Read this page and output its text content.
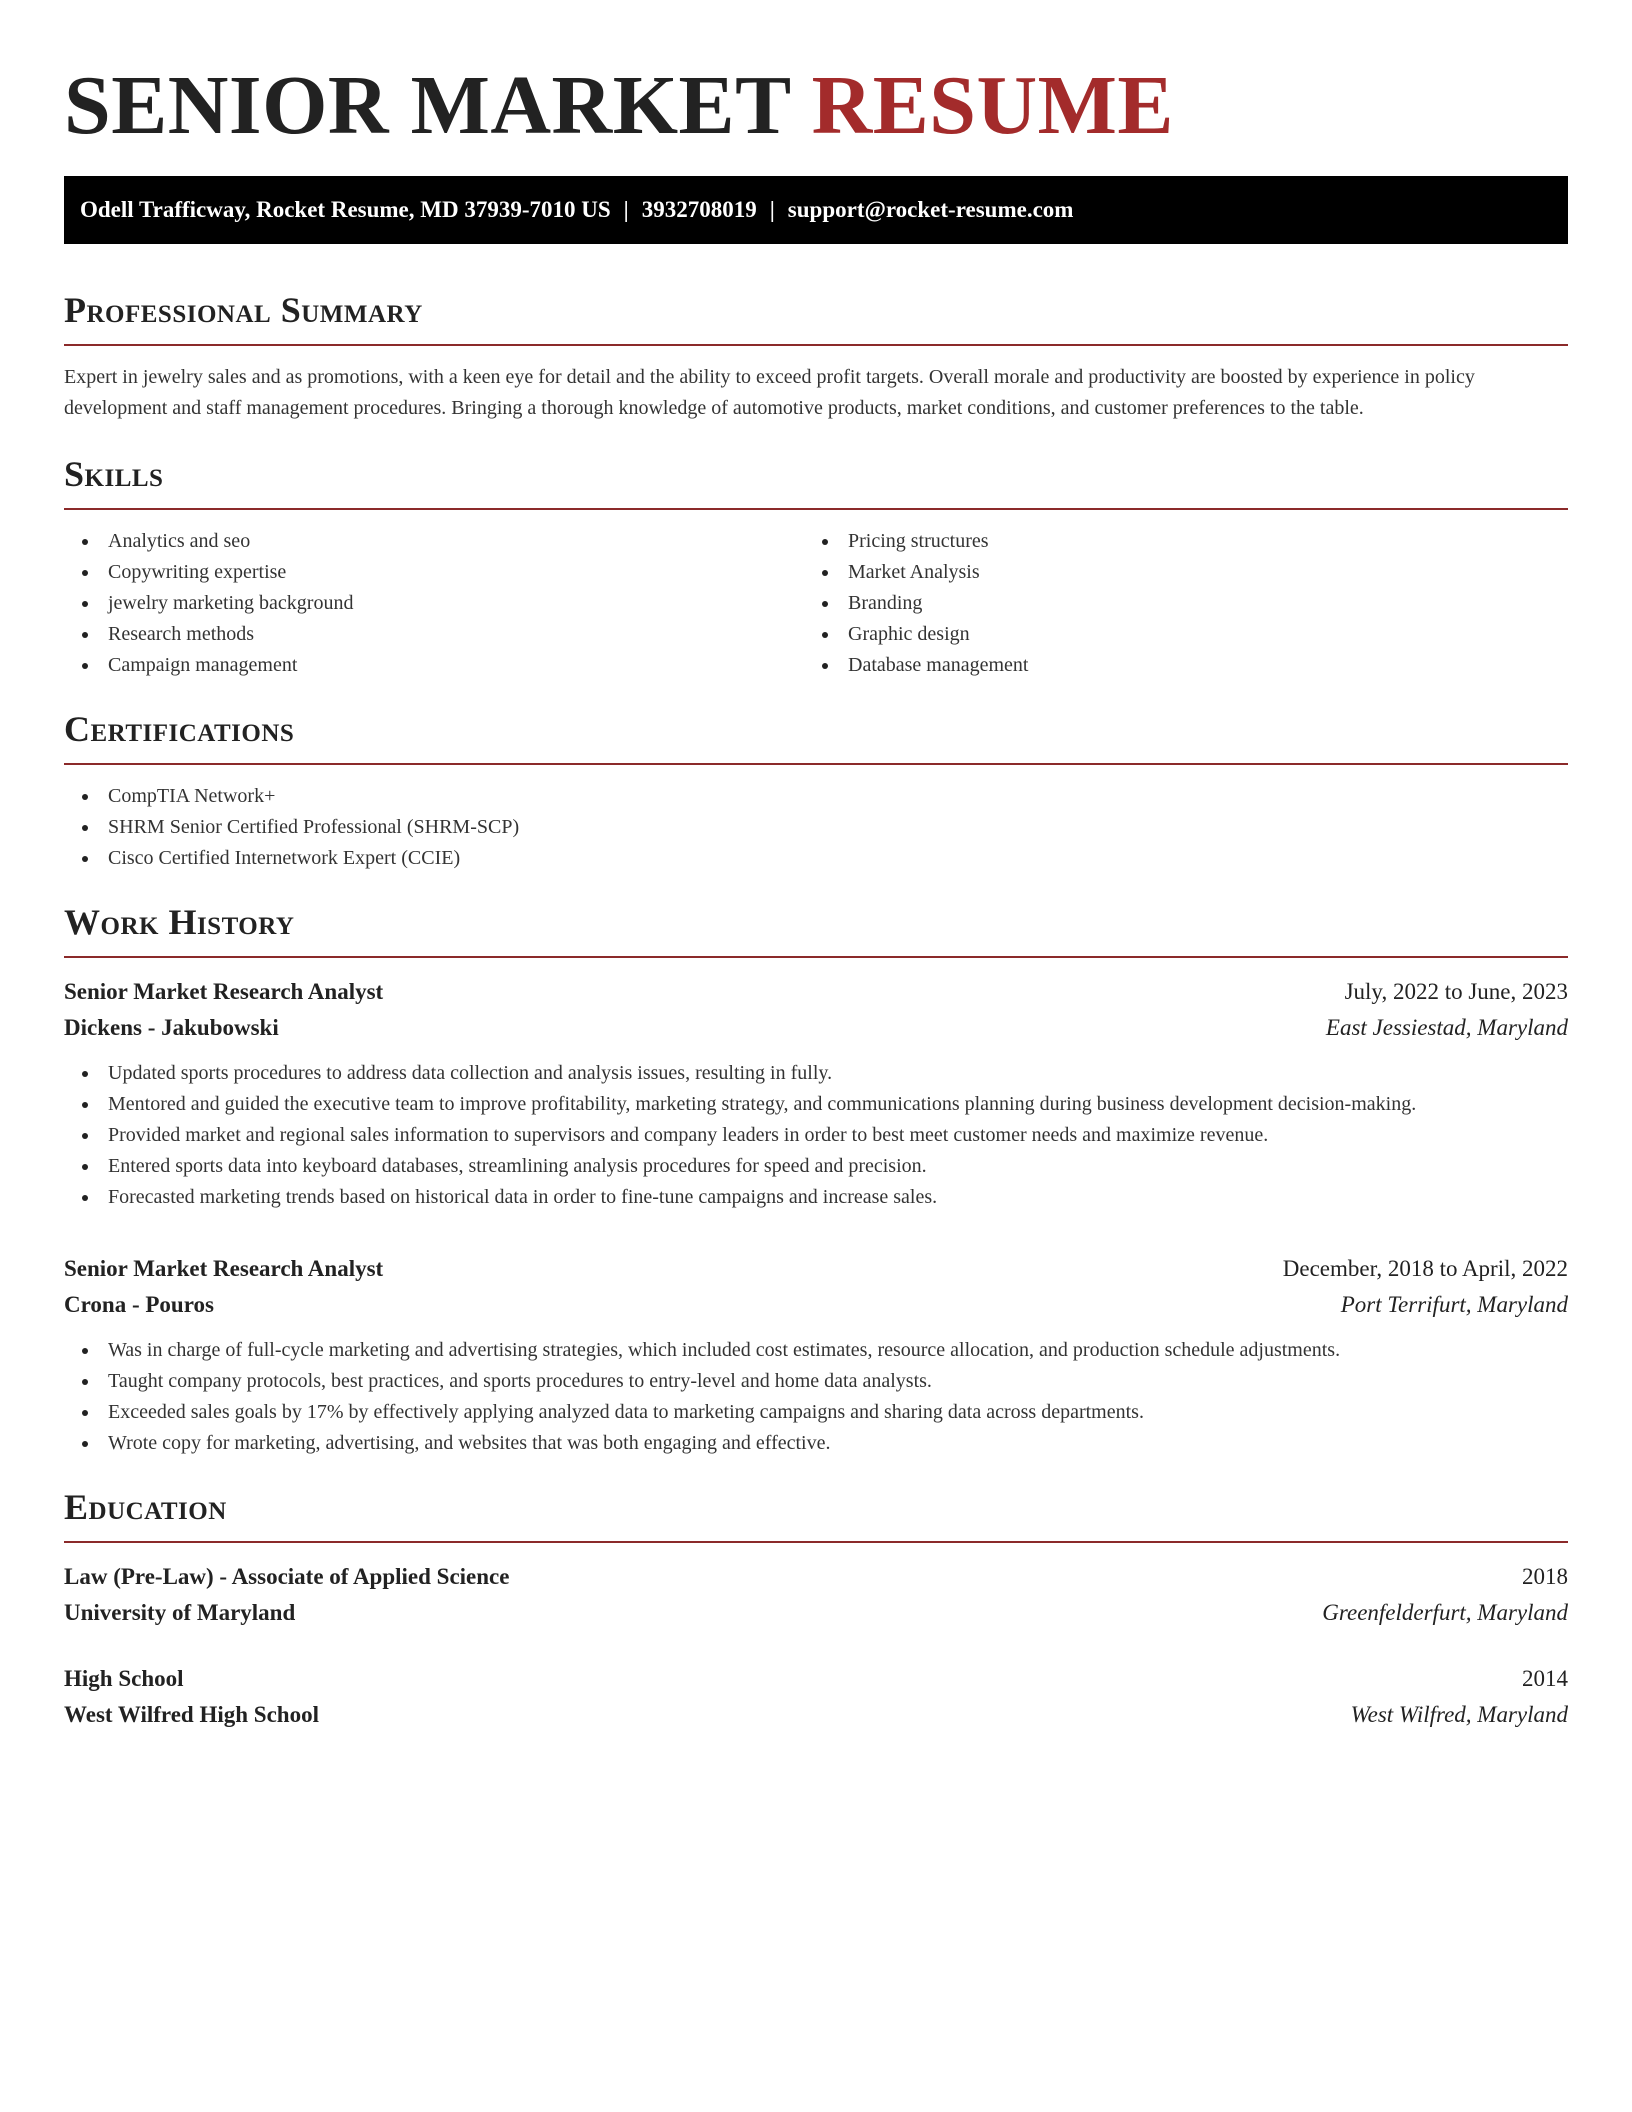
SENIOR MARKET RESUME
Odell Trafficway, Rocket Resume, MD 37939-7010 US | 3932708019 | support@rocket-resume.com
Professional Summary
Expert in jewelry sales and as promotions, with a keen eye for detail and the ability to exceed profit targets. Overall morale and productivity are boosted by experience in policy development and staff management procedures. Bringing a thorough knowledge of automotive products, market conditions, and customer preferences to the table.
Skills
Analytics and seo
Copywriting expertise
jewelry marketing background
Research methods
Campaign management
Pricing structures
Market Analysis
Branding
Graphic design
Database management
Certifications
CompTIA Network+
SHRM Senior Certified Professional (SHRM-SCP)
Cisco Certified Internetwork Expert (CCIE)
Work History
Senior Market Research Analyst	July, 2022 to June, 2023
Dickens - Jakubowski	East Jessiestad, Maryland
Updated sports procedures to address data collection and analysis issues, resulting in fully.
Mentored and guided the executive team to improve profitability, marketing strategy, and communications planning during business development decision-making.
Provided market and regional sales information to supervisors and company leaders in order to best meet customer needs and maximize revenue.
Entered sports data into keyboard databases, streamlining analysis procedures for speed and precision.
Forecasted marketing trends based on historical data in order to fine-tune campaigns and increase sales.
Senior Market Research Analyst	December, 2018 to April, 2022
Crona - Pouros	Port Terrifurt, Maryland
Was in charge of full-cycle marketing and advertising strategies, which included cost estimates, resource allocation, and production schedule adjustments.
Taught company protocols, best practices, and sports procedures to entry-level and home data analysts.
Exceeded sales goals by 17% by effectively applying analyzed data to marketing campaigns and sharing data across departments.
Wrote copy for marketing, advertising, and websites that was both engaging and effective.
Education
Law (Pre-Law) - Associate of Applied Science	2018
University of Maryland	Greenfelderfurt, Maryland
High School	2014
West Wilfred High School	West Wilfred, Maryland
